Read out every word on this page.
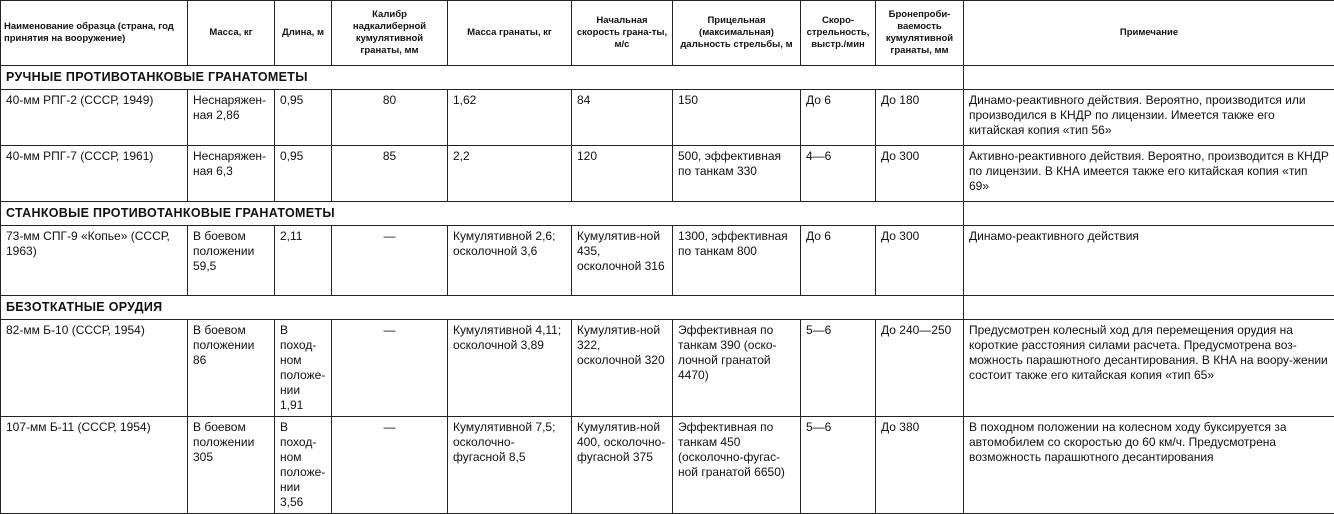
Наименование образца (страна, год принятия на вооружение)	Масса, кг	Длина, м	Калибр надкалиберной кумулятивной гранаты, мм	Масса гранаты, кг	Начальная скорость грана-ты, м/с	Прицельная (максимальная) дальность стрельбы, м	Скоро-стрельность, выстр./мин	Бронепроби-ваемость кумулятивной гранаты, мм	Примечание
РУЧНЫЕ ПРОТИВОТАНКОВЫЕ ГРАНАТОМЕТЫ									
40-мм РПГ-2 (СССР, 1949)	Неснаряжен-ная 2,86	0,95	80	1,62	84	150	До 6	До 180	Динамо-реактивного действия. Вероятно, производится или производился в КНДР по лицензии. Имеется также его китайская копия «тип 56»
40-мм РПГ-7 (СССР, 1961)	Неснаряжен-ная 6,3	0,95	85	2,2	120	500, эффективная по танкам 330	4—6	До 300	Активно-реактивного действия. Вероятно, производится в КНДР по лицензии. В КНА имеется также его китайская копия «тип 69»
СТАНКОВЫЕ ПРОТИВОТАНКОВЫЕ ГРАНАТОМЕТЫ									
73-мм СПГ-9 «Копье» (СССР, 1963)	В боевом положении 59,5	2,11	—	Кумулятивной 2,6; осколочной 3,6	Кумулятив-ной 435, осколочной 316	1300, эффективная по танкам 800	До 6	До 300	Динамо-реактивного действия
БЕЗОТКАТНЫЕ ОРУДИЯ									
82-мм Б-10 (СССР, 1954)	В боевом положении 86	В поход-ном положе-нии 1,91	—	Кумулятивной 4,11; осколочной 3,89	Кумулятив-ной 322, осколочной 320	Эффективная по танкам 390 (оско-лочной гранатой 4470)	5—6	До 240—250	Предусмотрен колесный ход для перемещения орудия на короткие расстояния силами расчета. Предусмотрена воз-можность парашютного десантирования. В КНА на воору-жении состоит также его китайская копия «тип 65»
107-мм Б-11 (СССР, 1954)	В боевом положении 305	В поход-ном положе-нии 3,56	—	Кумулятивной 7,5; осколочно-фугасной 8,5	Кумулятив-ной 400, осколочно-фугасной 375	Эффективная по танкам 450 (осколочно-фугас-ной гранатой 6650)	5—6	До 380	В походном положении на колесном ходу буксируется за автомобилем со скоростью до 60 км/ч. Предусмотрена возможность парашютного десантирования
